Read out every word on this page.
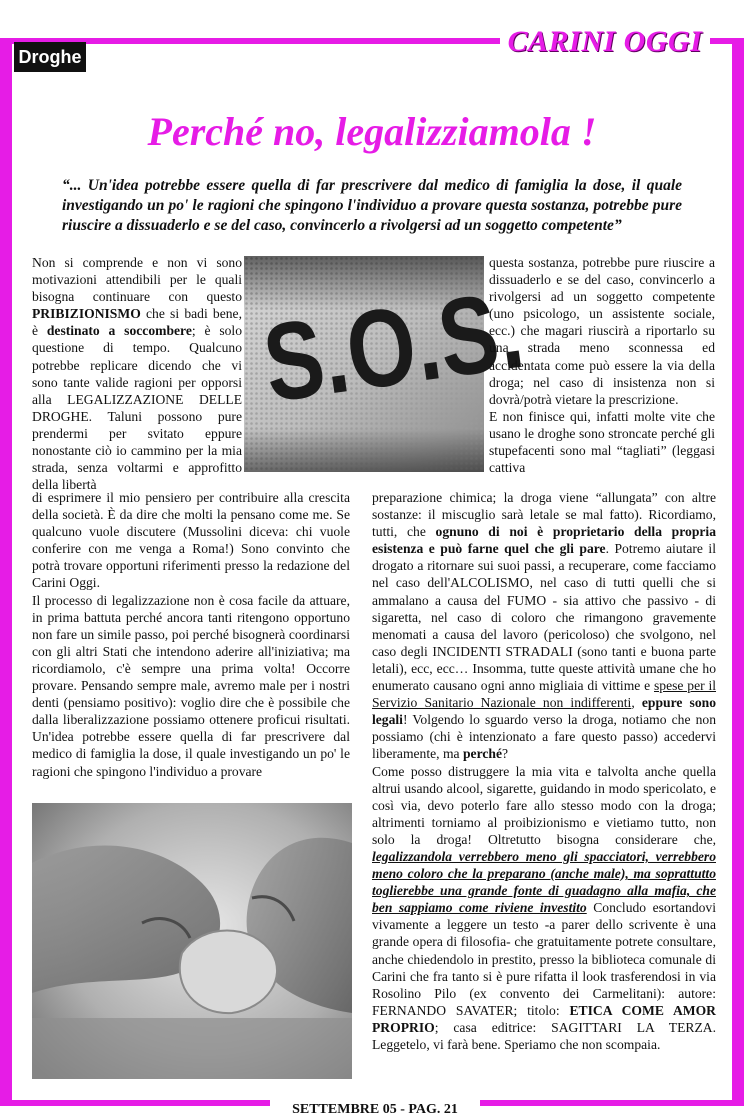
Droghe	CARINI OGGI
Perché no, legalizziamola !

“... Un'idea potrebbe essere quella di far prescrivere dal medico di famiglia la dose, il quale investigando un po' le ragioni che spingono l'individuo a provare questa sostanza, potrebbe pure riuscire a dissuaderlo e se del caso, convincerlo a rivolgersi ad un soggetto competente”

Non si comprende e non vi sono motivazioni attendibili per le quali bisogna continuare con questo PRIBIZIONISMO che si badi bene, è destinato a soccombere; è solo questione di tempo. Qualcuno potrebbe replicare dicendo che vi sono tante valide ragioni per opporsi alla LEGALIZZAZIONE DELLE DROGHE. Taluni possono pure prendermi per svitato eppure nonostante ciò io cammino per la mia strada, senza voltarmi e approfitto della libertà
S.O.S.
questa sostanza, potrebbe pure riuscire a dissuaderlo e se del caso, convincerlo a rivolgersi ad un soggetto competente (uno psicologo, un assistente sociale, ecc.) che magari riuscirà a riportarlo su una strada meno sconnessa ed accidentata come può essere la via della droga; nel caso di insistenza non si dovrà/potrà vietare la prescrizione.
E non finisce qui, infatti molte vite che usano le droghe sono stroncate perché gli stupefacenti sono mal “tagliati” (leggasi cattiva
di esprimere il mio pensiero per contribuire alla crescita della società. È da dire che molti la pensano come me. Se qualcuno vuole discutere (Mussolini diceva: chi vuole conferire con me venga a Roma!) Sono convinto che potrà trovare opportuni riferimenti presso la redazione del Carini Oggi.
Il processo di legalizzazione non è cosa facile da attuare, in prima battuta perché ancora tanti ritengono opportuno non fare un simile passo, poi perché bisognerà coordinarsi con gli altri Stati che intendono aderire all'iniziativa; ma ricordiamolo, c'è sempre una prima volta! Occorre provare. Pensando sempre male, avremo male per i nostri denti (pensiamo positivo): voglio dire che è possibile che dalla liberalizzazione possiamo ottenere proficui risultati. Un'idea potrebbe essere quella di far prescrivere dal medico di famiglia la dose, il quale investigando un po' le ragioni che spingono l'individuo a provare
preparazione chimica; la droga viene “allungata” con altre sostanze: il miscuglio sarà letale se mal fatto). Ricordiamo, tutti, che ognuno di noi è proprietario della propria esistenza e può farne quel che gli pare. Potremo aiutare il drogato a ritornare sui suoi passi, a recuperare, come facciamo nel caso dell'ALCOLISMO, nel caso di tutti quelli che si ammalano a causa del FUMO - sia attivo che passivo - di sigaretta, nel caso di coloro che rimangono gravemente menomati a causa del lavoro (pericoloso) che svolgono, nel caso degli INCIDENTI STRADALI (sono tanti e buona parte letali), ecc, ecc… Insomma, tutte queste attività umane che ho enumerato causano ogni anno migliaia di vittime e spese per il Servizio Sanitario Nazionale non indifferenti, eppure sono legali! Volgendo lo sguardo verso la droga, notiamo che non possiamo (chi è intenzionato a fare questo passo) accedervi liberamente, ma perché?
Come posso distruggere la mia vita e talvolta anche quella altrui usando alcool, sigarette, guidando in modo spericolato, e così via, devo poterlo fare allo stesso modo con la droga; altrimenti torniamo al proibizionismo e vietiamo tutto, non solo la droga! Oltretutto bisogna considerare che, legalizzandola verrebbero meno gli spacciatori, verrebbero meno coloro che la preparano (anche male), ma soprattutto toglierebbe una grande fonte di guadagno alla mafia, che ben sappiamo come riviene investito Concludo esortandovi vivamente a leggere un testo -a parer dello scrivente è una grande opera di filosofia- che gratuitamente potrete consultare, anche chiedendolo in prestito, presso la biblioteca comunale di Carini che fra tanto si è pure rifatta il look trasferendosi in via Rosolino Pilo (ex convento dei Carmelitani): autore: FERNANDO SAVATER; titolo: ETICA COME AMOR PROPRIO; casa editrice: SAGITTARI LA TERZA. Leggetelo, vi farà bene. Speriamo che non scompaia.
SETTEMBRE 05 - PAG. 21
